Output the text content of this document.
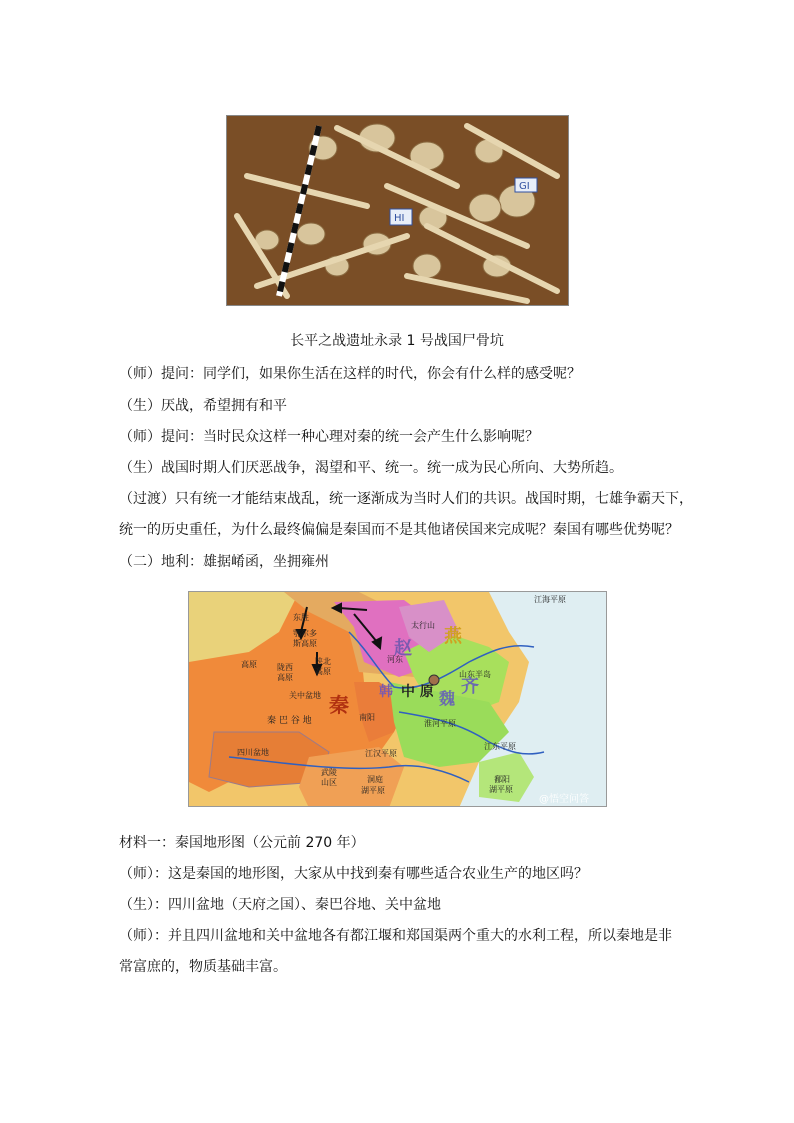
HI
GI
长平之战遗址永录 1 号战国尸骨坑
（师）提问：同学们，如果你生活在这样的时代，你会有什么样的感受呢？
（生）厌战，希望拥有和平
（师）提问：当时民众这样一种心理对秦的统一会产生什么影响呢？
（生）战国时期人们厌恶战争，渴望和平、统一。统一成为民心所向、大势所趋。
（过渡）只有统一才能结束战乱，统一逐渐成为当时人们的共识。战国时期，七雄争霸天下，
统一的历史重任，为什么最终偏偏是秦国而不是其他诸侯国来完成呢？秦国有哪些优势呢？
（二）地利：雄据崤函，坐拥雍州
东胜
鄂尔多
斯高原
陇西
高原
陕北
高原
高原
关中盆地
秦 巴 谷 地	南阳
四川盆地	江汉平原
武陵
山区	洞庭
湖平原
山东半岛
淮河平原
江东平原
鄱阳
湖平原
太行山
河东
江海平原
秦
赵
燕
齐
魏
韩 中 原
@悟空问答
材料一：秦国地形图（公元前 270 年）
（师）：这是秦国的地形图，大家从中找到秦有哪些适合农业生产的地区吗？
（生）：四川盆地（天府之国）、秦巴谷地、关中盆地
（师）：并且四川盆地和关中盆地各有都江堰和郑国渠两个重大的水利工程，所以秦地是非
常富庶的，物质基础丰富。
